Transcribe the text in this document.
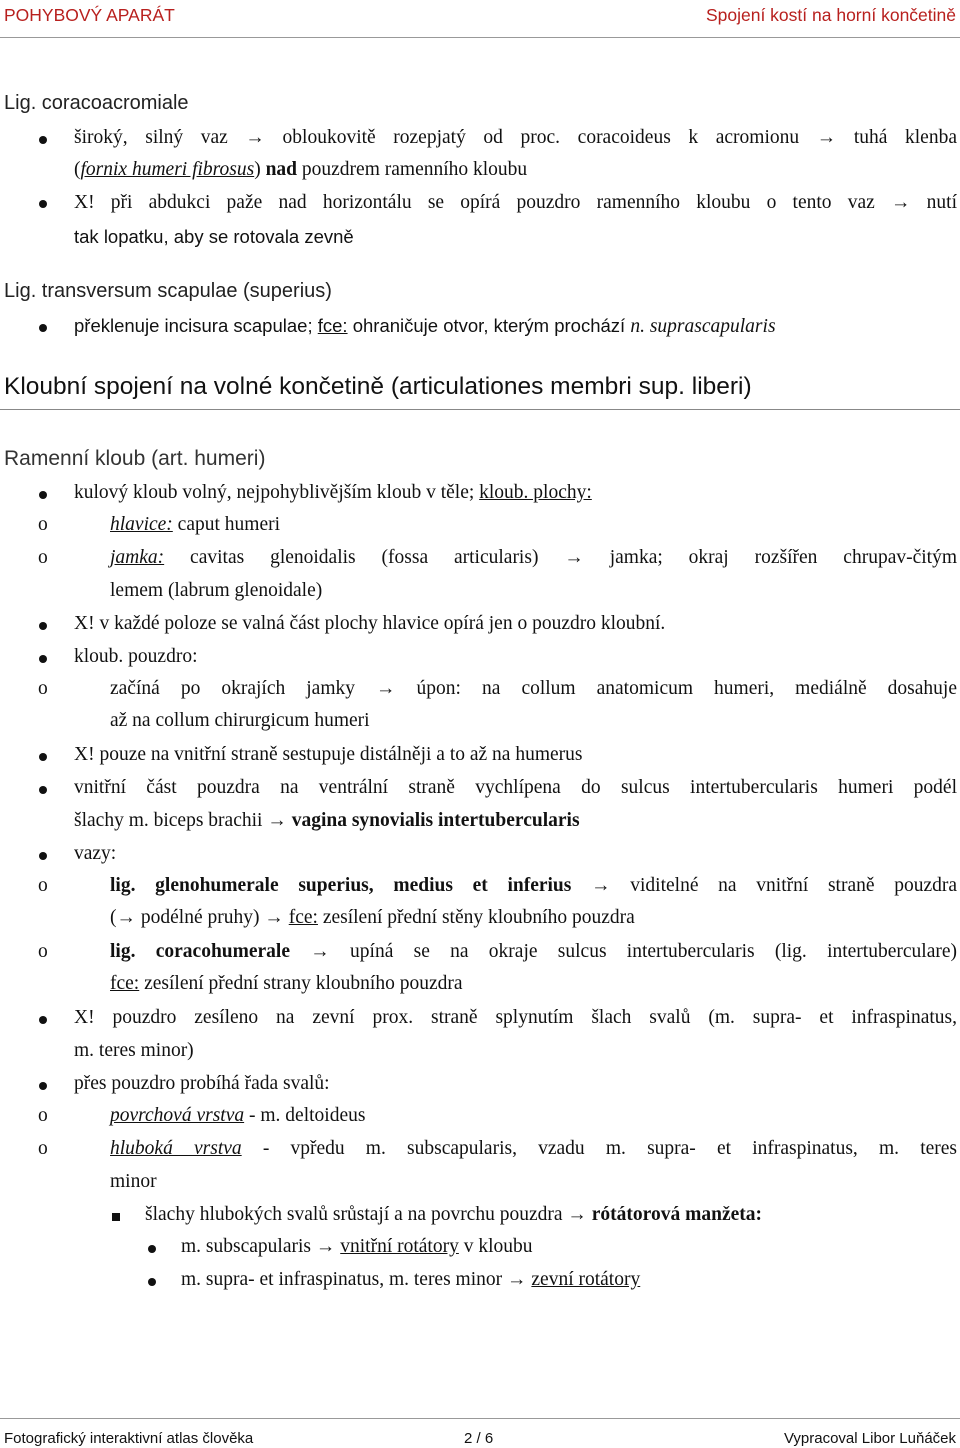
POHYBOVÝ APARÁT	Spojení kostí na horní končetině
Lig. coracoacromiale
široký, silný vaz → obloukovitě rozepjatý od proc. coracoideus k acromionu → tuhá klenba
(fornix humeri fibrosus) nad pouzdrem ramenního kloubu
X! při abdukci paže nad horizontálu se opírá pouzdro ramenního kloubu o tento vaz → nutí
tak lopatku, aby se rotovala zevně
Lig. transversum scapulae (superius)
překlenuje incisura scapulae; fce: ohraničuje otvor, kterým prochází n. suprascapularis
Kloubní spojení na volné končetině (articulationes membri sup. liberi)
Ramenní kloub (art. humeri)
kulový kloub volný, nejpohyblivějším kloub v těle; kloub. plochy:
o	hlavice: caput humeri
o	jamka: cavitas glenoidalis (fossa articularis) → jamka; okraj rozšířen chrupav-čitým
lemem (labrum glenoidale)
X! v každé poloze se valná část plochy hlavice opírá jen o pouzdro kloubní.
kloub. pouzdro:
o	začíná po okrajích jamky → úpon: na collum anatomicum humeri, mediálně dosahuje
až na collum chirurgicum humeri
X! pouze na vnitřní straně sestupuje distálněji a to až na humerus
vnitřní část pouzdra na ventrální straně vychlípena do sulcus intertubercularis humeri podél
šlachy m. biceps brachii → vagina synovialis intertubercularis
vazy:
o	lig. glenohumerale superius, medius et inferius → viditelné na vnitřní straně pouzdra
(→ podélné pruhy) → fce: zesílení přední stěny kloubního pouzdra
o	lig. coracohumerale → upíná se na okraje sulcus intertubercularis (lig. intertuberculare)
fce: zesílení přední strany kloubního pouzdra
X! pouzdro zesíleno na zevní prox. straně splynutím šlach svalů (m. supra- et infraspinatus,
m. teres minor)
přes pouzdro probíhá řada svalů:
o	povrchová vrstva - m. deltoideus
o	hluboká vrstva - vpředu m. subscapularis, vzadu m. supra- et infraspinatus, m. teres
minor
šlachy hlubokých svalů srůstají a na povrchu pouzdra → rótátorová manžeta:
m. subscapularis → vnitřní rotátory v kloubu
m. supra- et infraspinatus, m. teres minor → zevní rotátory
Fotografický interaktivní atlas člověka	2 / 6	Vypracoval Libor Luňáček
